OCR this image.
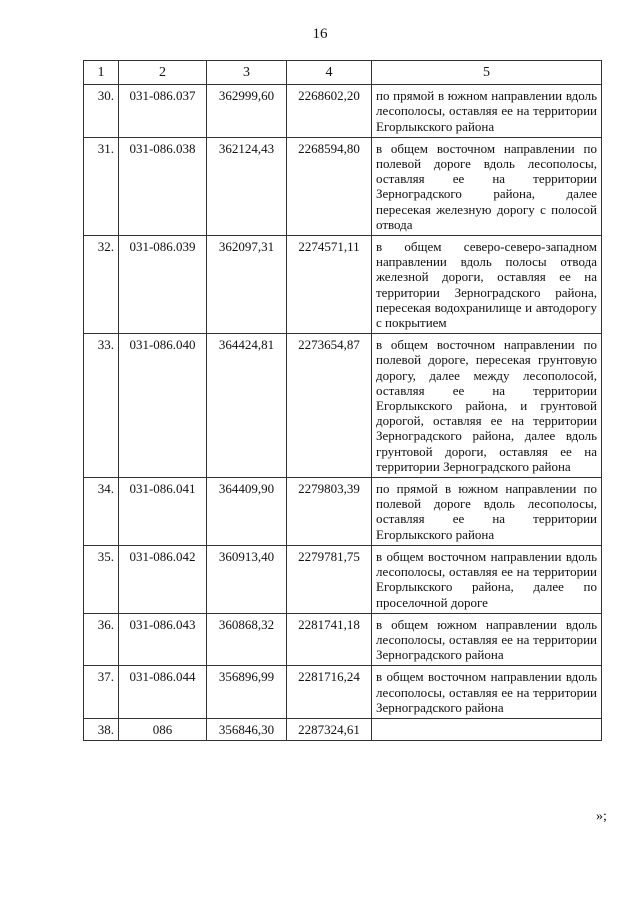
16
1	2	3	4	5
30.	031-086.037	362999,60	2268602,20	по прямой в южном направлении вдоль лесополосы, оставляя ее на территории Егорлыкского района
31.	031-086.038	362124,43	2268594,80	в общем восточном направлении по полевой дороге вдоль лесополосы, оставляя ее на территории Зерноградского района, далее пересекая железную дорогу с полосой отвода
32.	031-086.039	362097,31	2274571,11	в общем северо-северо-западном направлении вдоль полосы отвода железной дороги, оставляя ее на территории Зерноградского района, пересекая водохранилище и автодорогу с покрытием
33.	031-086.040	364424,81	2273654,87	в общем восточном направлении по полевой дороге, пересекая грунтовую дорогу, далее между лесополосой, оставляя ее на территории Егорлыкского района, и грунтовой дорогой, оставляя ее на территории Зерноградского района, далее вдоль грунтовой дороги, оставляя ее на территории Зерноградского района
34.	031-086.041	364409,90	2279803,39	по прямой в южном направлении по полевой дороге вдоль лесополосы, оставляя ее на территории Егорлыкского района
35.	031-086.042	360913,40	2279781,75	в общем восточном направлении вдоль лесополосы, оставляя ее на территории Егорлыкского района, далее по проселочной дороге
36.	031-086.043	360868,32	2281741,18	в общем южном направлении вдоль лесополосы, оставляя ее на территории Зерноградского района
37.	031-086.044	356896,99	2281716,24	в общем восточном направлении вдоль лесополосы, оставляя ее на территории Зерноградского района
38.	086	356846,30	2287324,61	
»;
